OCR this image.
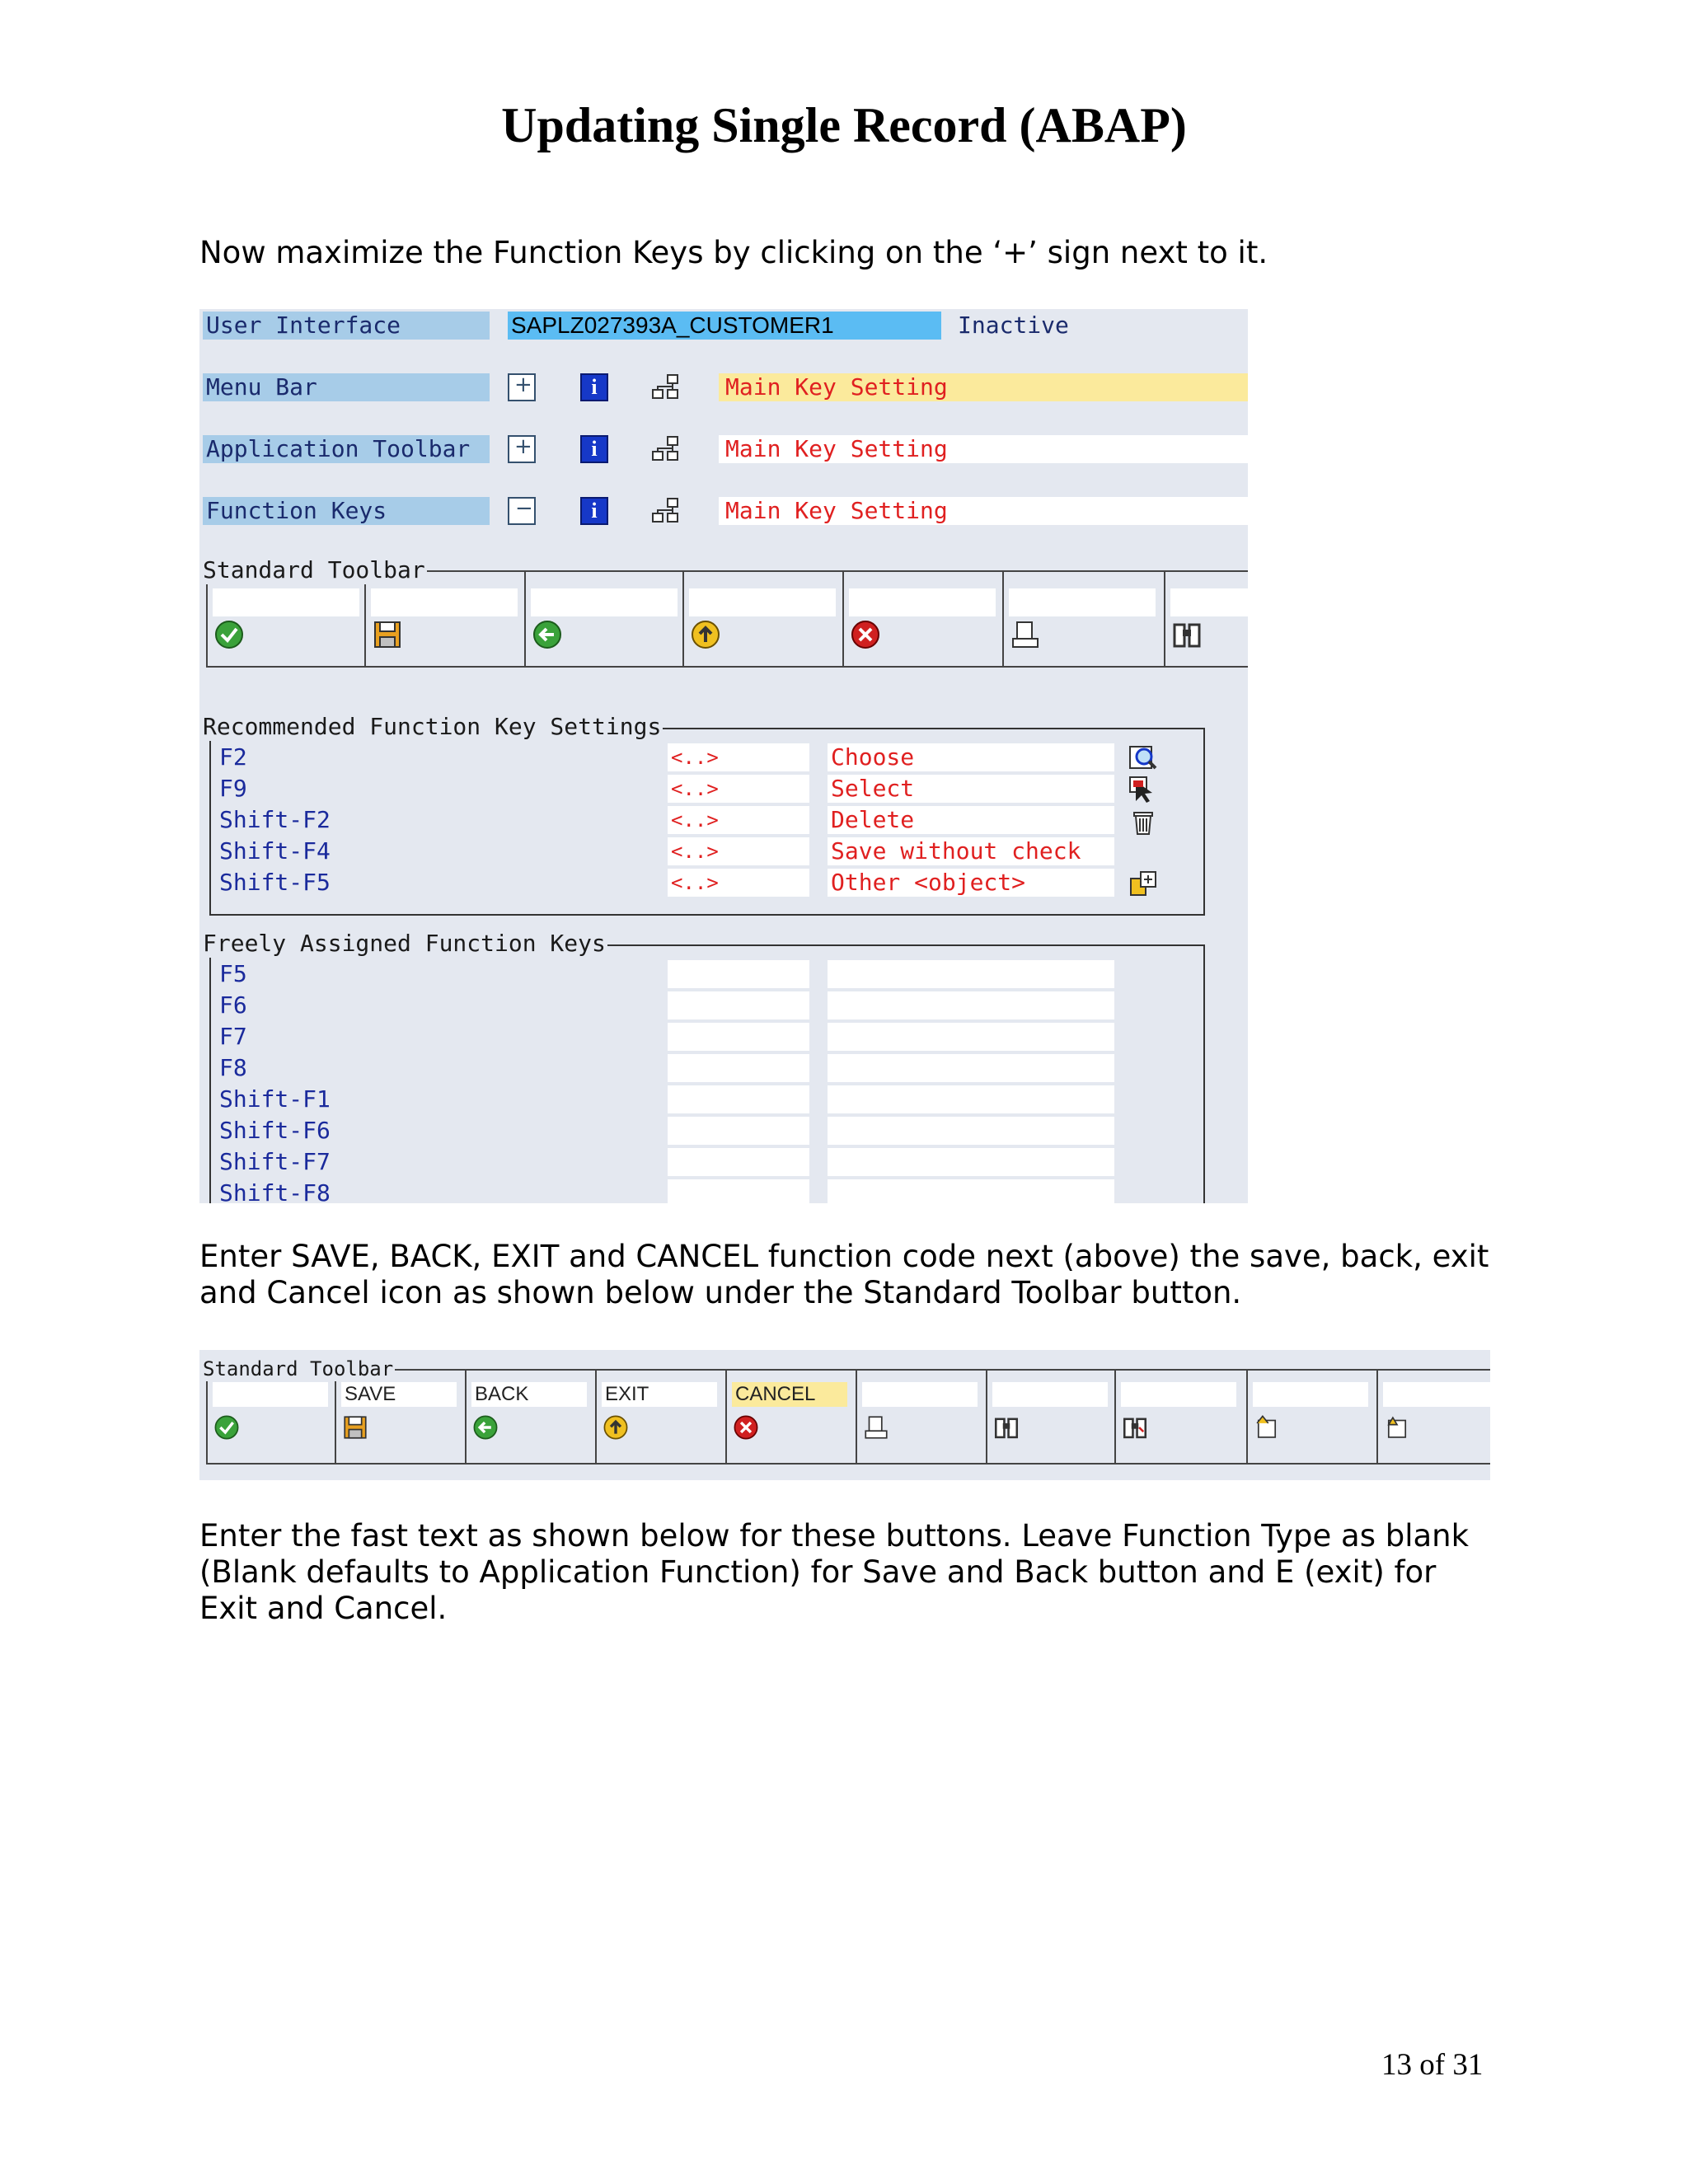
Updating Single Record (ABAP)
Now maximize the Function Keys by clicking on the ‘+’ sign next to it.
User Interface	SAPLZ027393A_CUSTOMER1	Inactive
Menu Bar +	i	Main Key Setting
Application Toolbar +	i	Main Key Setting
Function Keys −	i	Main Key Setting
Standard Toolbar
Recommended Function Key Settings
F2	<..>	Choose
F9	<..>	Select
Shift-F2	<..>	Delete
Shift-F4	<..>	Save without check
Shift-F5	<..>	Other <object>
Freely Assigned Function Keys
F5
F6
F7
F8
Shift-F1
Shift-F6
Shift-F7
Shift-F8
Enter SAVE, BACK, EXIT and CANCEL function code next (above) the save, back, exit and Cancel icon as shown below under the Standard Toolbar button.
SAVE	BACK	EXIT	CANCEL
Standard Toolbar
Enter the fast text as shown below for these buttons. Leave Function Type as blank (Blank defaults to Application Function) for Save and Back button and E (exit) for Exit and Cancel.
13 of 31
